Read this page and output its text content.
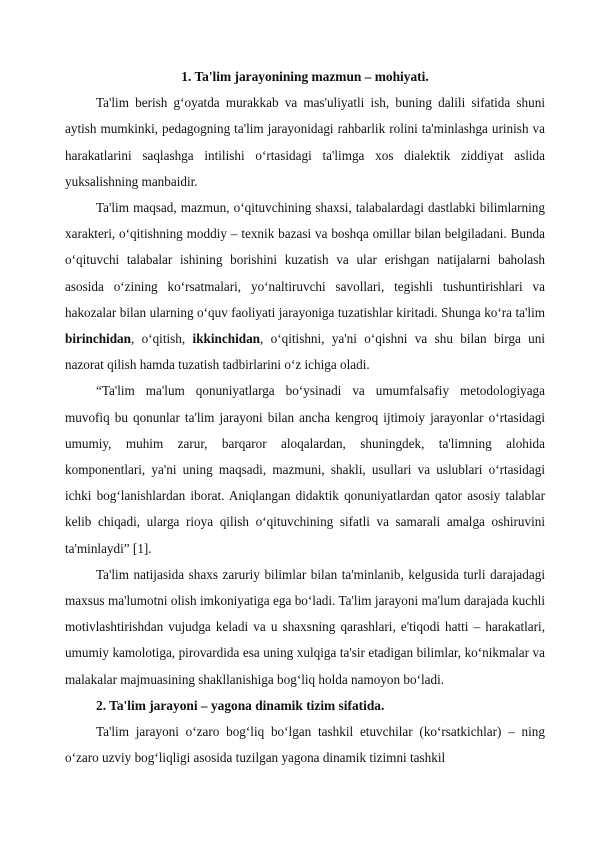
1. Ta'lim jarayonining mazmun – mohiyati.

Ta'lim berish g‘oyatda murakkab va mas'uliyatli ish, buning dalili sifatida shuni aytish mumkinki, pedagogning ta'lim jarayonidagi rahbarlik rolini ta'minlashga urinish va harakatlarini saqlashga intilishi o‘rtasidagi ta'limga xos dialektik ziddiyat aslida yuksalishning manbaidir.

Ta'lim maqsad, mazmun, o‘qituvchining shaxsi, talabalardagi dastlabki bilimlarning xarakteri, o‘qitishning moddiy – texnik bazasi va boshqa omillar bilan belgiladani. Bunda o‘qituvchi talabalar ishining borishini kuzatish va ular erishgan natijalarni baholash asosida o‘zining ko‘rsatmalari, yo‘naltiruvchi savollari, tegishli tushuntirishlari va hakozalar bilan ularning o‘quv faoliyati jarayoniga tuzatishlar kiritadi. Shunga ko‘ra ta'lim birinchidan, o‘qitish, ikkinchidan, o‘qitishni, ya'ni o‘qishni va shu bilan birga uni nazorat qilish hamda tuzatish tadbirlarini o‘z ichiga oladi.

“Ta'lim ma'lum qonuniyatlarga bo‘ysinadi va umumfalsafiy metodologiyaga muvofiq bu qonunlar ta'lim jarayoni bilan ancha kengroq ijtimoiy jarayonlar o‘rtasidagi umumiy, muhim zarur, barqaror aloqalardan, shuningdek, ta'limning alohida komponentlari, ya'ni uning maqsadi, mazmuni, shakli, usullari va uslublari o‘rtasidagi ichki bog‘lanishlardan iborat. Aniqlangan didaktik qonuniyatlardan qator asosiy talablar kelib chiqadi, ularga rioya qilish o‘qituvchining sifatli va samarali amalga oshiruvini ta'minlaydi” [1].

Ta'lim natijasida shaxs zaruriy bilimlar bilan ta'minlanib, kelgusida turli darajadagi maxsus ma'lumotni olish imkoniyatiga ega bo‘ladi. Ta'lim jarayoni ma'lum darajada kuchli motivlashtirishdan vujudga keladi va u shaxsning qarashlari, e'tiqodi hatti – harakatlari, umumiy kamolotiga, pirovardida esa uning xulqiga ta'sir etadigan bilimlar, ko‘nikmalar va malakalar majmuasining shakllanishiga bog‘liq holda namoyon bo‘ladi.

2. Ta'lim jarayoni – yagona dinamik tizim sifatida.

Ta'lim jarayoni o‘zaro bog‘liq bo‘lgan tashkil etuvchilar (ko‘rsatkichlar) – ning o‘zaro uzviy bog‘liqligi asosida tuzilgan yagona dinamik tizimni tashkil
